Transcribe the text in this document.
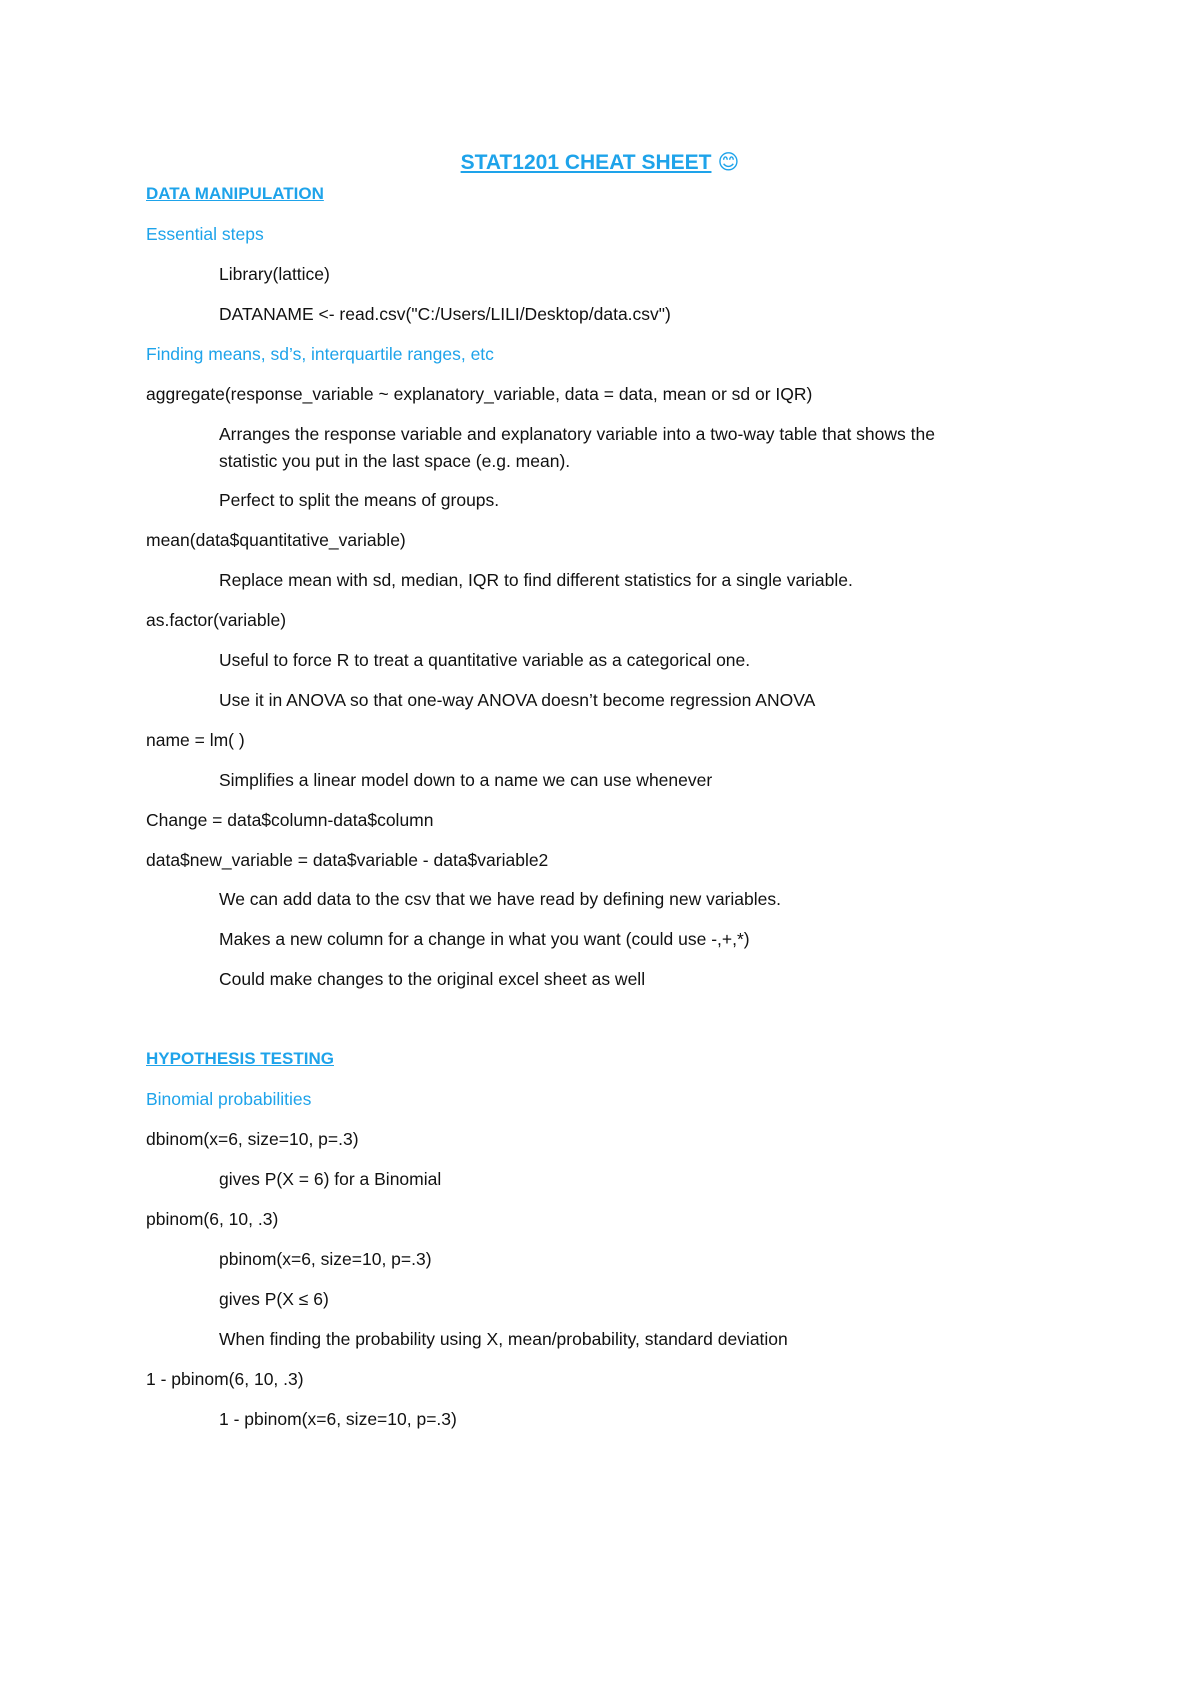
STAT1201 CHEAT SHEET 😊
DATA MANIPULATION
Essential steps
Library(lattice)
DATANAME <- read.csv("C:/Users/LILI/Desktop/data.csv")
Finding means, sd’s, interquartile ranges, etc
aggregate(response_variable ~ explanatory_variable, data = data, mean or sd or IQR)
Arranges the response variable and explanatory variable into a two-way table that shows the
statistic you put in the last space (e.g. mean).
Perfect to split the means of groups.
mean(data$quantitative_variable)
Replace mean with sd, median, IQR to find different statistics for a single variable.
as.factor(variable)
Useful to force R to treat a quantitative variable as a categorical one.
Use it in ANOVA so that one-way ANOVA doesn’t become regression ANOVA
name = lm( )
Simplifies a linear model down to a name we can use whenever
Change = data$column-data$column
data$new_variable = data$variable - data$variable2
We can add data to the csv that we have read by defining new variables.
Makes a new column for a change in what you want (could use -,+,*)
Could make changes to the original excel sheet as well
HYPOTHESIS TESTING
Binomial probabilities
dbinom(x=6, size=10, p=.3)
gives P(X = 6) for a Binomial
pbinom(6, 10, .3)
pbinom(x=6, size=10, p=.3)
gives P(X ≤ 6)
When finding the probability using X, mean/probability, standard deviation
1 - pbinom(6, 10, .3)
1 - pbinom(x=6, size=10, p=.3)
